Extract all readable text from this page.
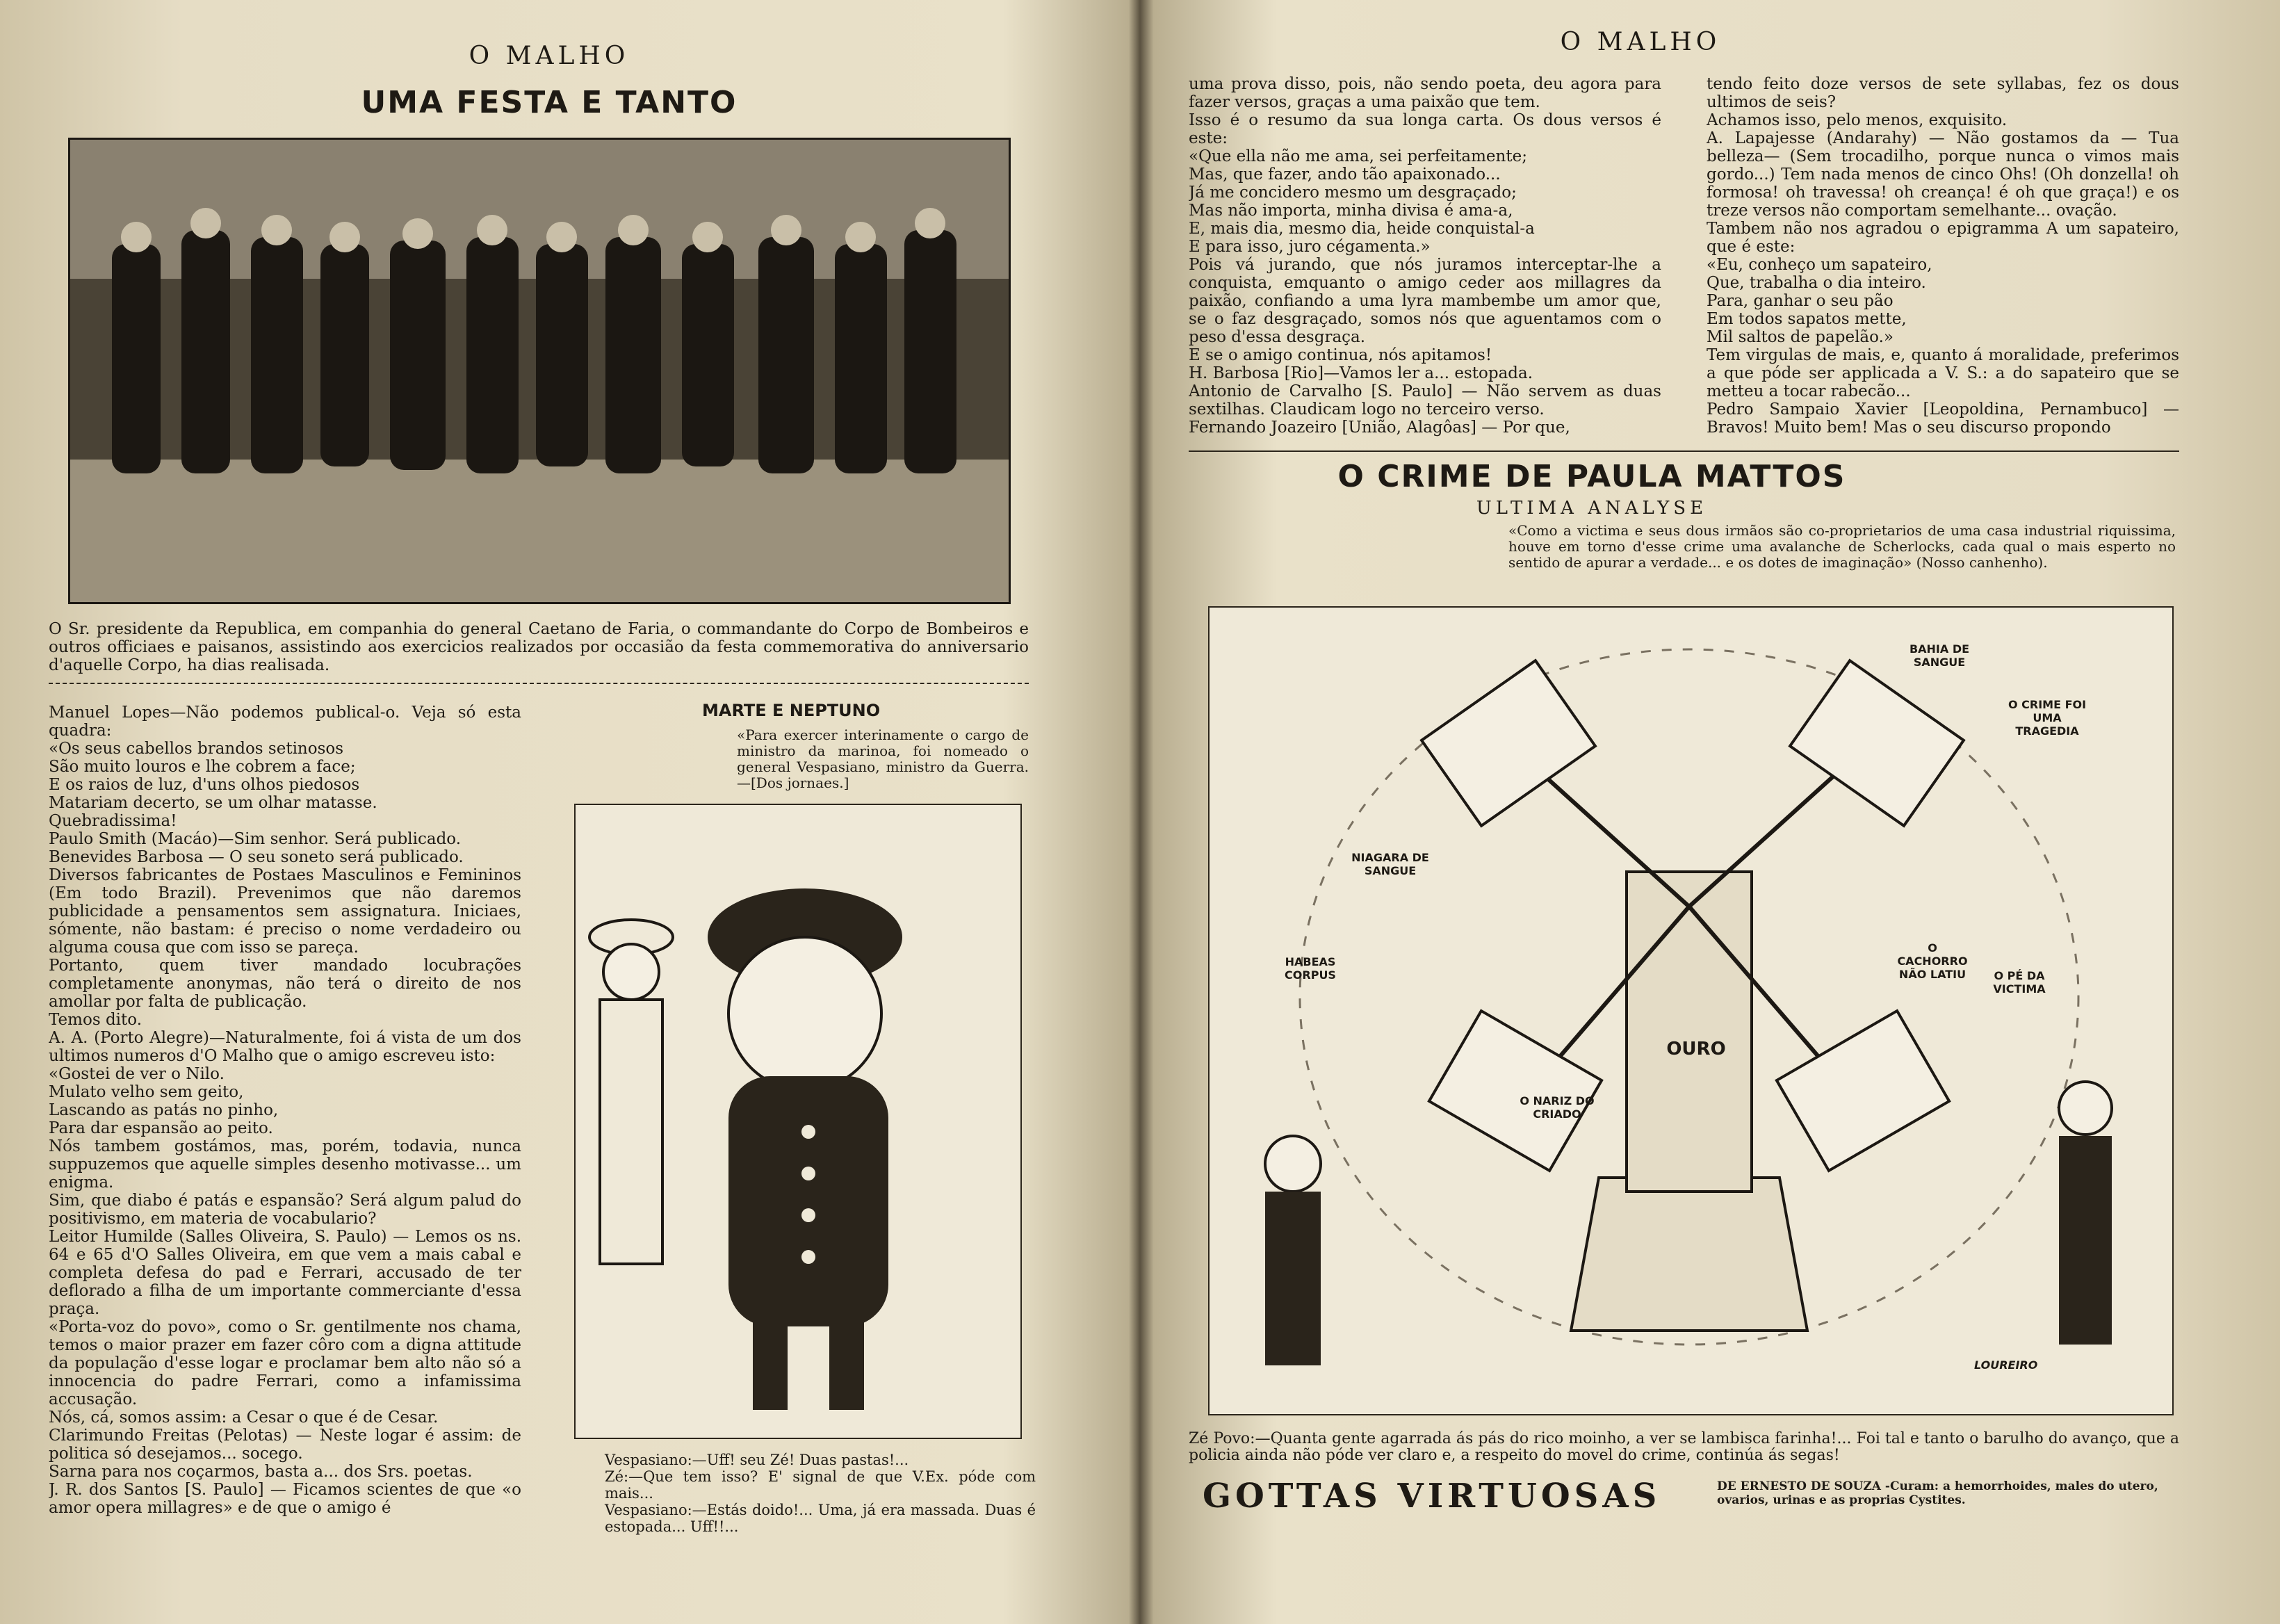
O MALHO
UMA FESTA E TANTO
O Sr. presidente da Republica, em companhia do general Caetano de Faria, o commandante do Corpo de Bombeiros e outros officiaes e paisanos, assistindo aos exercicios realizados por occasião da festa commemorativa do anniversario d'aquelle Corpo, ha dias realisada.
Manuel Lopes—Não podemos publical-o. Veja só esta quadra:
«Os seus cabellos brandos setinosos
São muito louros e lhe cobrem a face;
E os raios de luz, d'uns olhos piedosos
Matariam decerto, se um olhar matasse.
Quebradissima!
Paulo Smith (Macáo)—Sim senhor. Será publicado.
Benevides Barbosa — O seu soneto será publicado.
Diversos fabricantes de Postaes Masculinos e Femininos (Em todo Brazil). Prevenimos que não daremos publicidade a pensamentos sem assignatura. Iniciaes, sómente, não bastam: é preciso o nome verdadeiro ou alguma cousa que com isso se pareça.
Portanto, quem tiver mandado locubrações completamente anonymas, não terá o direito de nos amollar por falta de publicação.
Temos dito.
A. A. (Porto Alegre)—Naturalmente, foi á vista de um dos ultimos numeros d'O Malho que o amigo escreveu isto:
«Gostei de ver o Nilo.
Mulato velho sem geito,
Lascando as patás no pinho,
Para dar espansão ao peito.
Nós tambem gostámos, mas, porém, todavia, nunca suppuzemos que aquelle simples desenho motivasse... um enigma.
Sim, que diabo é patás e espansão? Será algum palud do positivismo, em materia de vocabulario?
Leitor Humilde (Salles Oliveira, S. Paulo) — Lemos os ns. 64 e 65 d'O Salles Oliveira, em que vem a mais cabal e completa defesa do pad e Ferrari, accusado de ter deflorado a filha de um importante commerciante d'essa praça.
«Porta-voz do povo», como o Sr. gentilmente nos chama, temos o maior prazer em fazer côro com a digna attitude da população d'esse logar e proclamar bem alto não só a innocencia do padre Ferrari, como a infamissima accusação.
Nós, cá, somos assim: a Cesar o que é de Cesar.
Clarimundo Freitas (Pelotas) — Neste logar é assim: de politica só desejamos... socego.
Sarna para nos coçarmos, basta a... dos Srs. poetas.
J. R. dos Santos [S. Paulo] — Ficamos scientes de que «o amor opera millagres» e de que o amigo é
MARTE E NEPTUNO
«Para exercer interinamente o cargo de ministro da marinoa, foi nomeado o general Vespasiano, ministro da Guerra.—[Dos jornaes.]
Vespasiano:—Uff! seu Zé! Duas pastas!...
Zé:—Que tem isso? E' signal de que V.Ex. póde com mais...
Vespasiano:—Estás doido!... Uma, já era massada. Duas é estopada... Uff!!...
O MALHO
uma prova disso, pois, não sendo poeta, deu agora para fazer versos, graças a uma paixão que tem.
Isso é o resumo da sua longa carta. Os dous versos é este:
«Que ella não me ama, sei perfeitamente;
Mas, que fazer, ando tão apaixonado...
Já me concidero mesmo um desgraçado;
Mas não importa, minha divisa é ama-a,
E, mais dia, mesmo dia, heide conquistal-a
E para isso, juro cégamenta.»
Pois vá jurando, que nós juramos interceptar-lhe a conquista, emquanto o amigo ceder aos millagres da paixão, confiando a uma lyra mambembe um amor que, se o faz desgraçado, somos nós que aguentamos com o peso d'essa desgraça.
E se o amigo continua, nós apitamos!
H. Barbosa [Rio]—Vamos ler a... estopada.
Antonio de Carvalho [S. Paulo] — Não servem as duas sextilhas. Claudicam logo no terceiro verso.
Fernando Joazeiro [União, Alagôas] — Por que,
tendo feito doze versos de sete syllabas, fez os dous ultimos de seis?
Achamos isso, pelo menos, exquisito.
A. Lapajesse (Andarahy) — Não gostamos da — Tua belleza— (Sem trocadilho, porque nunca o vimos mais gordo...) Tem nada menos de cinco Ohs! (Oh donzella! oh formosa! oh travessa! oh creança! é oh que graça!) e os treze versos não comportam semelhante... ovação.
Tambem não nos agradou o epigramma A um sapateiro, que é este:
«Eu, conheço um sapateiro,
Que, trabalha o dia inteiro.
Para, ganhar o seu pão
Em todos sapatos mette,
Mil saltos de papelão.»
Tem virgulas de mais, e, quanto á moralidade, preferimos a que póde ser applicada a V. S.: a do sapateiro que se metteu a tocar rabecão...
Pedro Sampaio Xavier [Leopoldina, Pernambuco] —Bravos! Muito bem! Mas o seu discurso propondo
O CRIME DE PAULA MATTOS
ULTIMA ANALYSE
«Como a victima e seus dous irmãos são co-proprietarios de uma casa industrial riquissima, houve em torno d'esse crime uma avalanche de Scherlocks, cada qual o mais esperto no sentido de apurar a verdade... e os dotes de imaginação» (Nosso canhenho).
OURO
BAHIA DE SANGUE
O CRIME FOI UMA TRAGEDIA
NIAGARA DE SANGUE
HABEAS CORPUS
O CACHORRO NÃO LATIU	O PÉ DA VICTIMA
O NARIZ DO CRIADO
LOUREIRO
Zé Povo:—Quanta gente agarrada ás pás do rico moinho, a ver se lambisca farinha!... Foi tal e tanto o barulho do avanço, que a policia ainda não póde ver claro e, a respeito do movel do crime, continúa ás segas!
GOTTAS VIRTUOSAS	DE ERNESTO DE SOUZA -Curam: a hemorrhoides, males do utero, ovarios, urinas e as proprias Cystites.
